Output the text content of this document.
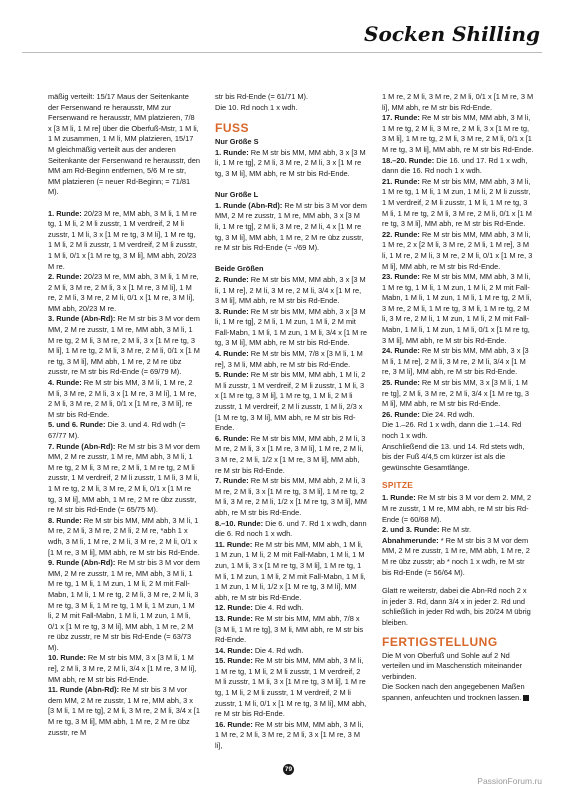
Socken Shilling

mäßig verteilt: 15/17 Maus der Seitenkante der Fersenwand re herausstr, MM zur Fersenwand re herausstr, MM platzieren, 7/8 x [3 M li, 1 M re] über die Oberfuß-Mstr, 1 M li, 1 M zusammen, 1 M li, MM platzieren, 15/17 M gleichmäßig verteilt aus der anderen Seitenkante der Fersenwand re herausstr, den MM am Rd-Beginn entfernen, 5/6 M re str, MM platzieren (= neuer Rd-Beginn; = 71/81 M).

1. Runde: 20/23 M re, MM abh, 3 M li, 1 M re tg, 1 M li, 2 M li zusstr, 1 M verdreif, 2 M li zusstr, 1 M li, 3 x [1 M re tg, 3 M li], 1 M re tg, 1 M li, 2 M li zusstr, 1 M verdreif, 2 M li zusstr, 1 M li, 0/1 x [1 M re tg, 3 M li], MM abh, 20/23 M re.

2. Runde: 20/23 M re, MM abh, 3 M li, 1 M re, 2 M li, 3 M re, 2 M li, 3 x [1 M re, 3 M li], 1 M re, 2 M li, 3 M re, 2 M li, 0/1 x [1 M re, 3 M li], MM abh, 20/23 M re.

3. Runde (Abn-Rd): Re M str bis 3 M vor dem MM, 2 M re zusstr, 1 M re, MM abh, 3 M li, 1 M re tg, 2 M li, 3 M re, 2 M li, 3 x [1 M re tg, 3 M li], 1 M re tg, 2 M li, 3 M re, 2 M li, 0/1 x [1 M re tg, 3 M li], MM abh, 1 M re, 2 M re übz zusstr, re M str bis Rd-Ende (= 69/79 M).

4. Runde: Re M str bis MM, 3 M li, 1 M re, 2 M li, 3 M re, 2 M li, 3 x [1 M re, 3 M li], 1 M re, 2 M li, 3 M re, 2 M li, 0/1 x [1 M re, 3 M li], re M str bis Rd-Ende.

5. und 6. Runde: Die 3. und 4. Rd wdh (= 67/77 M).

7. Runde (Abn-Rd): Re M str bis 3 M vor dem MM, 2 M re zusstr, 1 M re, MM abh, 3 M li, 1 M re tg, 2 M li, 3 M re, 2 M li, 1 M re tg, 2 M li zusstr, 1 M verdreif, 2 M li zusstr, 1 M li, 3 M li, 1 M re tg, 2 M li, 3 M re, 2 M li, 0/1 x [1 M re tg, 3 M li], MM abh, 1 M re, 2 M re übz zusstr, re M str bis Rd-Ende (= 65/75 M).

8. Runde: Re M str bis MM, MM abh, 3 M li, 1 M re, 2 M li, 3 M re, 2 M li, 2 M re, *abh 1 x wdh, 3 M li, 1 M re, 2 M li, 3 M re, 2 M li, 0/1 x [1 M re, 3 M li], MM abh, re M str bis Rd-Ende.

9. Runde (Abn-Rd): Re M str bis 3 M vor dem MM, 2 M re zusstr, 1 M re, MM abh, 3 M li, 1 M re tg, 1 M li, 1 M zun, 1 M li, 2 M mit Fall-Mabn, 1 M li, 1 M re tg, 2 M li, 3 M re, 2 M li, 3 M re tg, 3 M li, 1 M re tg, 1 M li, 1 M zun, 1 M li, 2 M mit Fall-Mabn, 1 M li, 1 M zun, 1 M li, 0/1 x [1 M re tg, 3 M li], MM abh, 1 M re, 2 M re übz zusstr, re M str bis Rd-Ende (= 63/73 M).

10. Runde: Re M str bis MM, 3 x [3 M li, 1 M re], 2 M li, 3 M re, 2 M li, 3/4 x [1 M re, 3 M li], MM abh, re M str bis Rd-Ende.

11. Runde (Abn-Rd): Re M str bis 3 M vor dem MM, 2 M re zusstr, 1 M re, MM abh, 3 x [3 M li, 1 M re tg], 2 M li, 3 M re, 2 M li, 3/4 x [1 M re tg, 3 M li], MM abh, 1 M re, 2 M re übz zusstr, re M

str bis Rd-Ende (= 61/71 M).

Die 10. Rd noch 1 x wdh.

FUSS

Nur Größe S

1. Runde: Re M str bis MM, MM abh, 3 x [3 M li, 1 M re tg], 2 M li, 3 M re, 2 M li, 3 x [1 M re tg, 3 M li], MM abh, re M str bis Rd-Ende.

Nur Größe L

1. Runde (Abn-Rd): Re M str bis 3 M vor dem MM, 2 M re zusstr, 1 M re, MM abh, 3 x [3 M li, 1 M re tg], 2 M li, 3 M re, 2 M li, 4 x [1 M re tg, 3 M li], MM abh, 1 M re, 2 M re übz zusstr, re M str bis Rd-Ende (= -/69 M).

Beide Größen

2. Runde: Re M str bis MM, MM abh, 3 x [3 M li, 1 M re], 2 M li, 3 M re, 2 M li, 3/4 x [1 M re, 3 M li], MM abh, re M str bis Rd-Ende.

3. Runde: Re M str bis MM, MM abh, 3 x [3 M li, 1 M re tg], 2 M li, 1 M zun, 1 M li, 2 M mit Fall-Mabn, 1 M li, 1 M zun, 1 M li, 3/4 x [1 M re tg, 3 M li], MM abh, re M str bis Rd-Ende.

4. Runde: Re M str bis MM, 7/8 x [3 M li, 1 M re], 3 M li, MM abh, re M str bis Rd-Ende.

5. Runde: Re M str bis MM, MM abh, 1 M li, 2 M li zusstr, 1 M verdreif, 2 M li zusstr, 1 M li, 3 x [1 M re tg, 3 M li], 1 M re tg, 1 M li, 2 M li zusstr, 1 M verdreif, 2 M li zusstr, 1 M li, 2/3 x [1 M re tg, 3 M li], MM abh, re M str bis Rd-Ende.

6. Runde: Re M str bis MM, MM abh, 2 M li, 3 M re, 2 M li, 3 x [1 M re, 3 M li], 1 M re, 2 M li, 3 M re, 2 M li, 1/2 x [1 M re, 3 M li], MM abh, re M str bis Rd-Ende.

7. Runde: Re M str bis MM, MM abh, 2 M li, 3 M re, 2 M li, 3 x [1 M re tg, 3 M li], 1 M re tg, 2 M li, 3 M re, 2 M li, 1/2 x [1 M re tg, 3 M li], MM abh, re M str bis Rd-Ende.

8.–10. Runde: Die 6. und 7. Rd 1 x wdh, dann die 6. Rd noch 1 x wdh.

11. Runde: Re M str bis MM, MM abh, 1 M li, 1 M zun, 1 M li, 2 M mit Fall-Mabn, 1 M li, 1 M zun, 1 M li, 3 x [1 M re tg, 3 M li], 1 M re tg, 1 M li, 1 M zun, 1 M li, 2 M mit Fall-Mabn, 1 M li, 1 M zun, 1 M li, 1/2 x [1 M re tg, 3 M li], MM abh, re M str bis Rd-Ende.

12. Runde: Die 4. Rd wdh.

13. Runde: Re M str bis MM, MM abh, 7/8 x [3 M li, 1 M re tg], 3 M li, MM abh, re M str bis Rd-Ende.

14. Runde: Die 4. Rd wdh.

15. Runde: Re M str bis MM, MM abh, 3 M li, 1 M re tg, 1 M li, 2 M li zusstr, 1 M verdreif, 2 M li zusstr, 1 M li, 3 x [1 M re tg, 3 M li], 1 M re tg, 1 M li, 2 M li zusstr, 1 M verdreif, 2 M li zusstr, 1 M li, 0/1 x [1 M re tg, 3 M li], MM abh, re M str bis Rd-Ende.

16. Runde: Re M str bis MM, MM abh, 3 M li, 1 M re, 2 M li, 3 M re, 2 M li, 3 x [1 M re, 3 M li],

1 M re, 2 M li, 3 M re, 2 M li, 0/1 x [1 M re, 3 M li], MM abh, re M str bis Rd-Ende.

17. Runde: Re M str bis MM, MM abh, 3 M li, 1 M re tg, 2 M li, 3 M re, 2 M li, 3 x [1 M re tg, 3 M li], 1 M re tg, 2 M li, 3 M re, 2 M li, 0/1 x [1 M re tg, 3 M li], MM abh, re M str bis Rd-Ende.

18.–20. Runde: Die 16. und 17. Rd 1 x wdh, dann die 16. Rd noch 1 x wdh.

21. Runde: Re M str bis MM, MM abh, 3 M li, 1 M re tg, 1 M li, 1 M zun, 1 M li, 2 M li zusstr, 1 M verdreif, 2 M li zusstr, 1 M li, 1 M re tg, 3 M li, 1 M re tg, 2 M li, 3 M re, 2 M li, 0/1 x [1 M re tg, 3 M li], MM abh, re M str bis Rd-Ende.

22. Runde: Re M str bis MM, MM abh, 3 M li, 1 M re, 2 x [2 M li, 3 M re, 2 M li, 1 M re], 3 M li, 1 M re, 2 M li, 3 M re, 2 M li, 0/1 x [1 M re, 3 M li], MM abh, re M str bis Rd-Ende.

23. Runde: Re M str bis MM, MM abh, 3 M li, 1 M re tg, 1 M li, 1 M zun, 1 M li, 2 M mit Fall-Mabn, 1 M li, 1 M zun, 1 M li, 1 M re tg, 2 M li, 3 M re, 2 M li, 1 M re tg, 3 M li, 1 M re tg, 2 M li, 3 M re, 2 M li, 1 M zun, 1 M li, 2 M mit Fall-Mabn, 1 M li, 1 M zun, 1 M li, 0/1 x [1 M re tg, 3 M li], MM abh, re M str bis Rd-Ende.

24. Runde: Re M str bis MM, MM abh, 3 x [3 M li, 1 M re], 2 M li, 3 M re, 2 M li, 3/4 x [1 M re, 3 M li], MM abh, re M str bis Rd-Ende.

25. Runde: Re M str bis MM, 3 x [3 M li, 1 M re tg], 2 M li, 3 M re, 2 M li, 3/4 x [1 M re tg, 3 M li], MM abh, re M str bis Rd-Ende.

26. Runde: Die 24. Rd wdh.

Die 1.–26. Rd 1 x wdh, dann die 1.–14. Rd noch 1 x wdh.

Anschließend die 13. und 14. Rd stets wdh, bis der Fuß 4/4,5 cm kürzer ist als die gewünschte Gesamtlänge.

SPITZE

1. Runde: Re M str bis 3 M vor dem 2. MM, 2 M re zusstr, 1 M re, MM abh, re M str bis Rd-Ende (= 60/68 M).

2. und 3. Runde: Re M str.

Abnahmerunde: * Re M str bis 3 M vor dem MM, 2 M re zusstr, 1 M re, MM abh, 1 M re, 2 M re übz zusstr; ab * noch 1 x wdh, re M str bis Rd-Ende (= 56/64 M).

Glatt re weiterstr, dabei die Abn-Rd noch 2 x in jeder 3. Rd, dann 3/4 x in jeder 2. Rd und schließlich in jeder Rd wdh, bis 20/24 M übrig bleiben.

FERTIGSTELLUNG

Die M von Oberfuß und Sohle auf 2 Nd verteilen und im Maschenstich miteinander verbinden.

Die Socken nach den angegebenen Maßen spannen, anfeuchten und trocknen lassen.

79
PassionForum.ru
